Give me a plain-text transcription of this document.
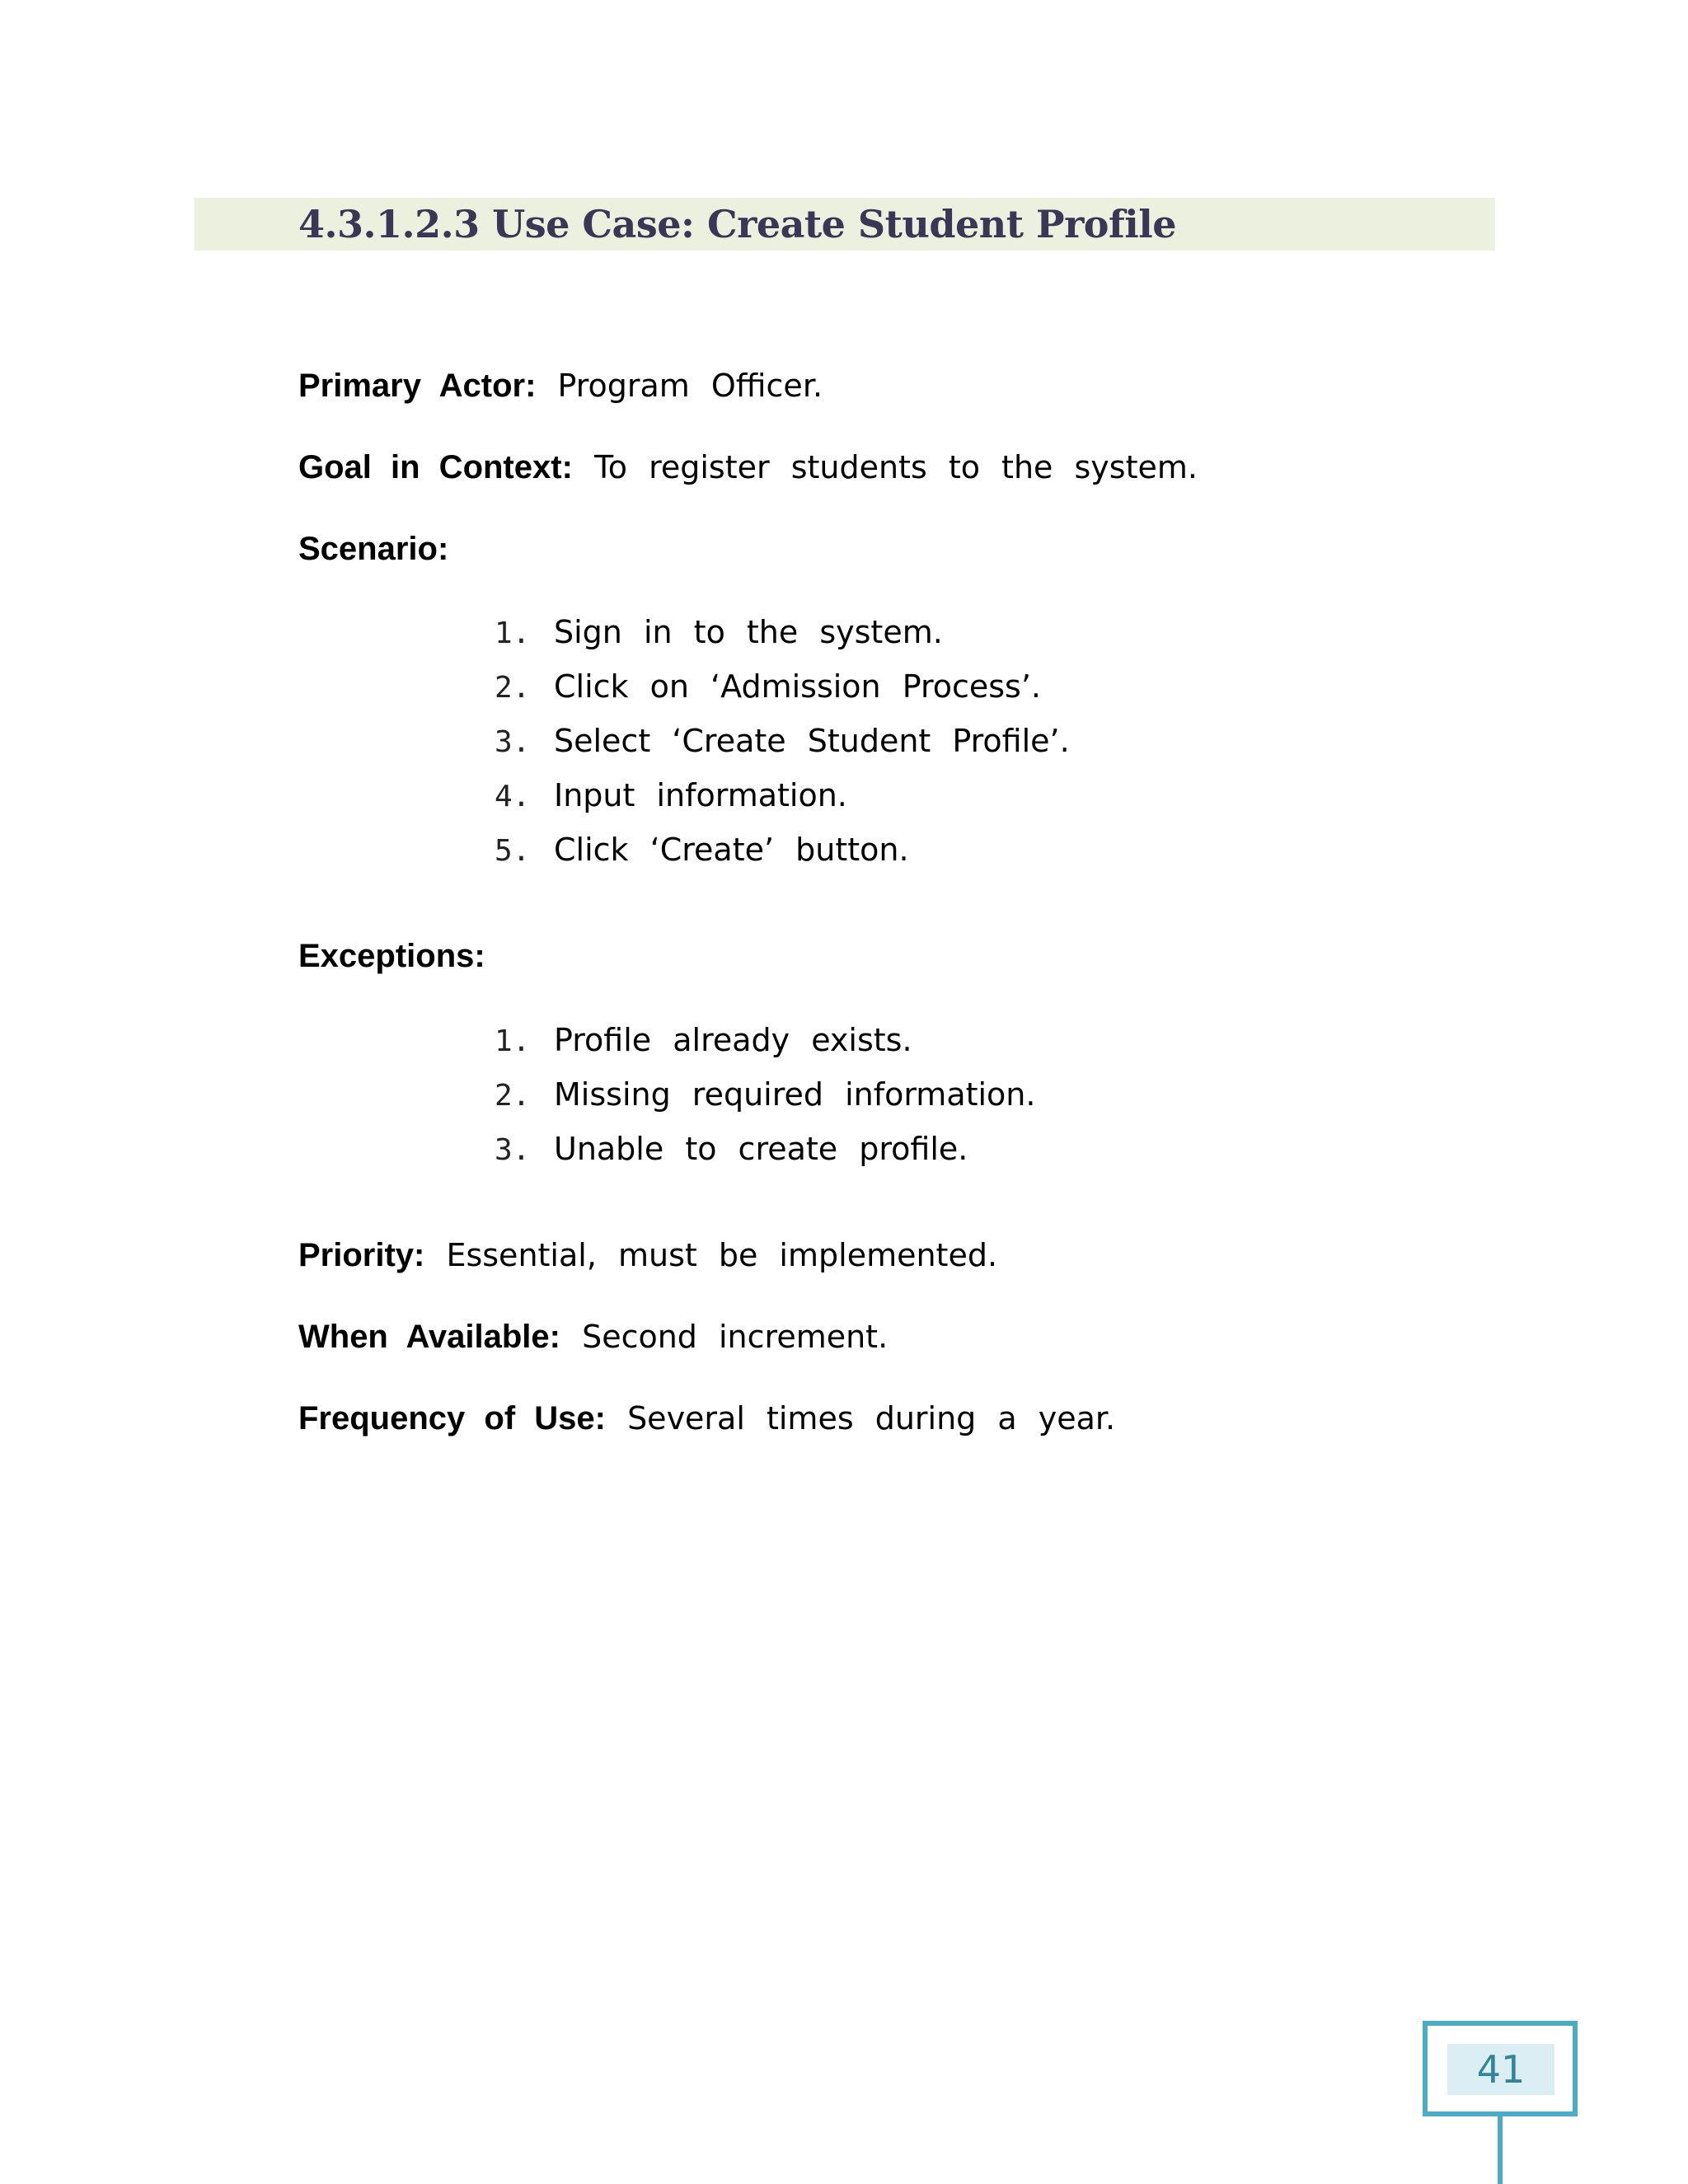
4.3.1.2.3 Use Case: Create Student Profile
Primary Actor: Program Officer.
Goal in Context: To register students to the system.
Scenario:
1. Sign in to the system.
2. Click on ‘Admission Process’.
3. Select ‘Create Student Profile’.
4. Input information.
5. Click ‘Create’ button.
Exceptions:
1. Profile already exists.
2. Missing required information.
3. Unable to create profile.
Priority: Essential, must be implemented.
When Available: Second increment.
Frequency of Use: Several times during a year.
41
